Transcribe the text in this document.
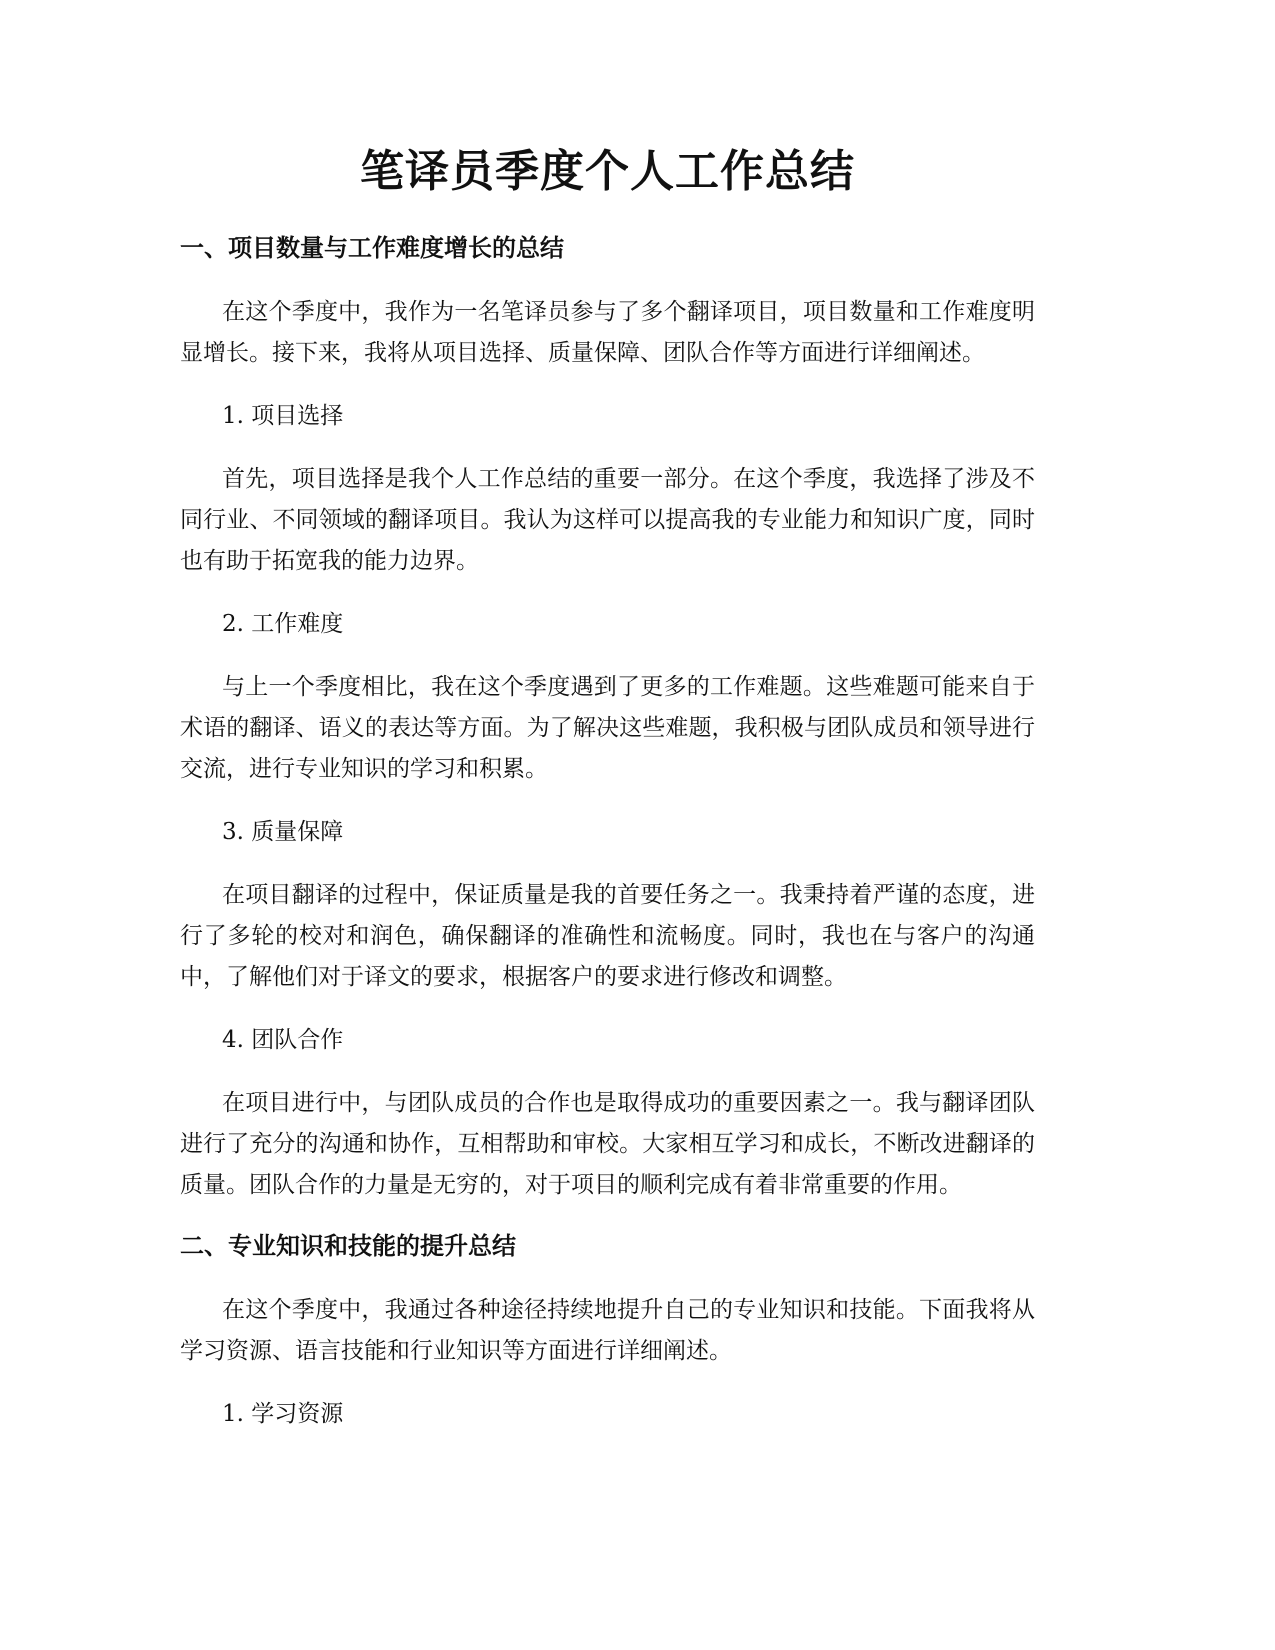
笔译员季度个人工作总结
一、项目数量与工作难度增长的总结

在这个季度中，我作为一名笔译员参与了多个翻译项目，项目数量和工作难度明显增长。接下来，我将从项目选择、质量保障、团队合作等方面进行详细阐述。

1. 项目选择

首先，项目选择是我个人工作总结的重要一部分。在这个季度，我选择了涉及不同行业、不同领域的翻译项目。我认为这样可以提高我的专业能力和知识广度，同时也有助于拓宽我的能力边界。

2. 工作难度

与上一个季度相比，我在这个季度遇到了更多的工作难题。这些难题可能来自于术语的翻译、语义的表达等方面。为了解决这些难题，我积极与团队成员和领导进行交流，进行专业知识的学习和积累。

3. 质量保障

在项目翻译的过程中，保证质量是我的首要任务之一。我秉持着严谨的态度，进行了多轮的校对和润色，确保翻译的准确性和流畅度。同时，我也在与客户的沟通中，了解他们对于译文的要求，根据客户的要求进行修改和调整。

4. 团队合作

在项目进行中，与团队成员的合作也是取得成功的重要因素之一。我与翻译团队进行了充分的沟通和协作，互相帮助和审校。大家相互学习和成长，不断改进翻译的质量。团队合作的力量是无穷的，对于项目的顺利完成有着非常重要的作用。

二、专业知识和技能的提升总结

在这个季度中，我通过各种途径持续地提升自己的专业知识和技能。下面我将从学习资源、语言技能和行业知识等方面进行详细阐述。

1. 学习资源
